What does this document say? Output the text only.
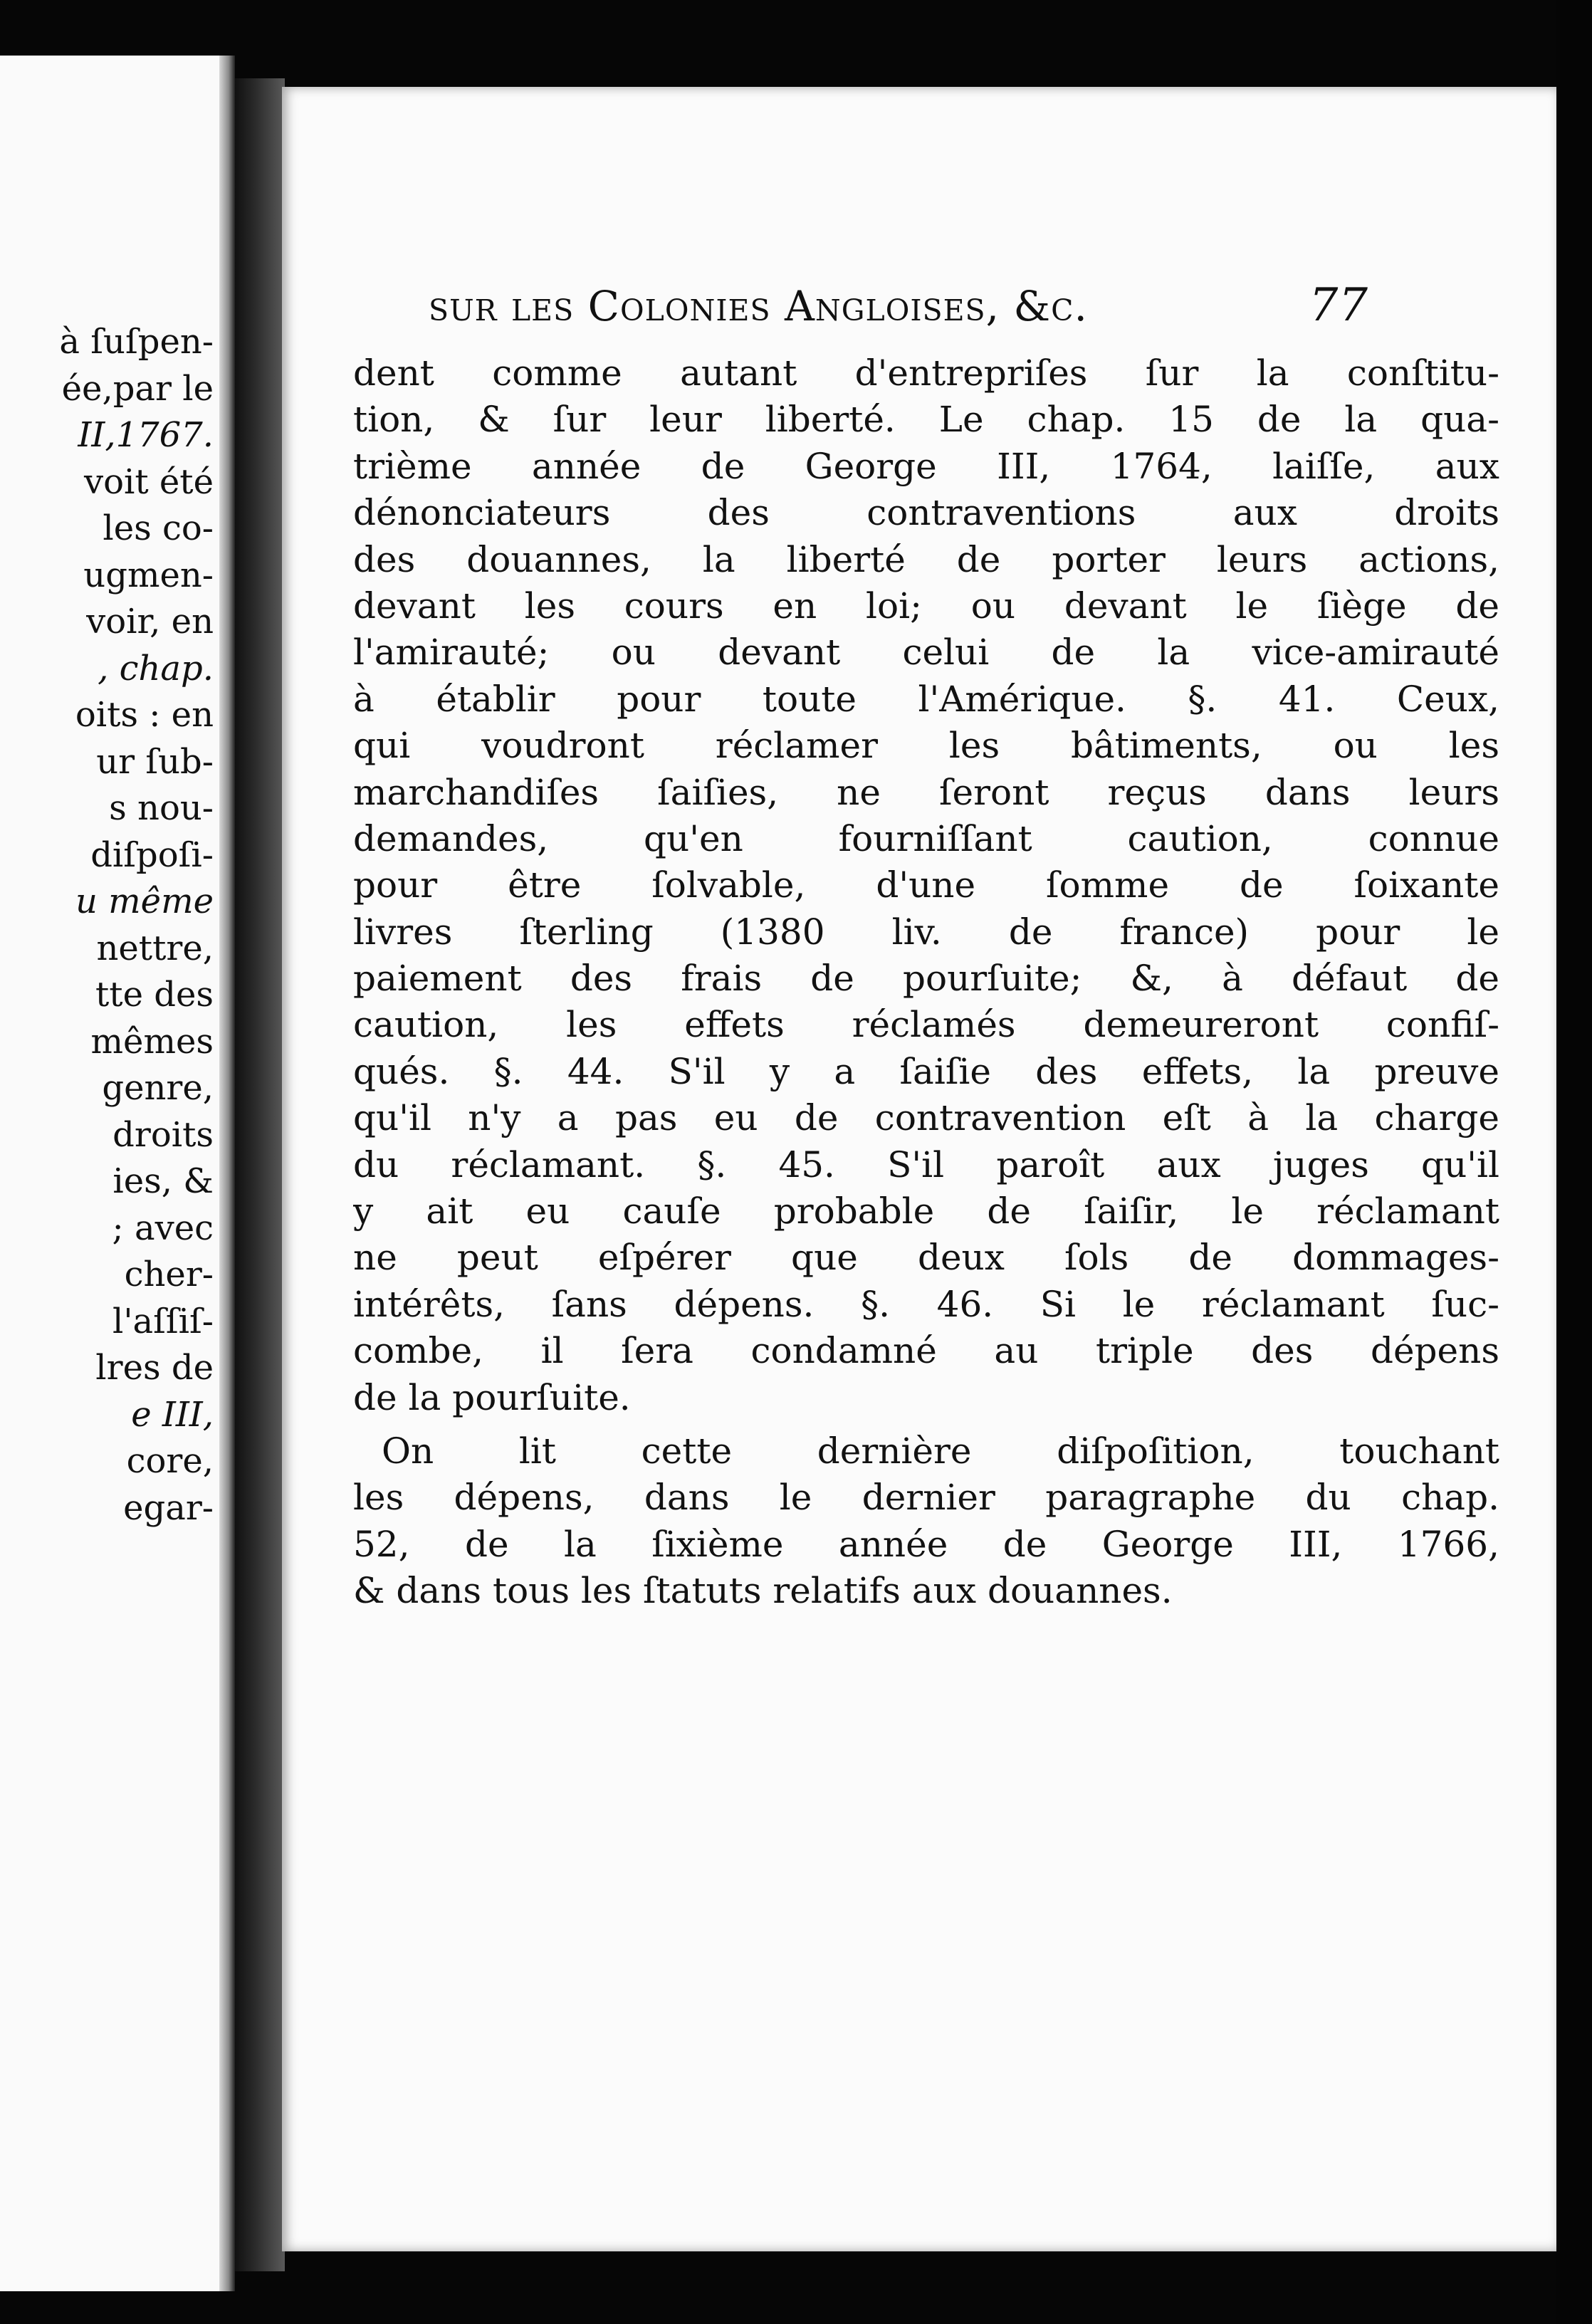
à ſuſpen-
ée,par le
II,1767.
voit été
les co-
ugmen-
voir, en
, chap.
oits : en
ur ſub-
s nou-
diſpoſi-
u même
nettre,
tte des
mêmes
genre,
droits
ies, &
; avec
cher-
l'aſſiſ-
lres de
e III,
core,
egar-
ſur les Colonies Angloiſes, &c.	77
dent comme autant d'entrepriſes ſur la conſtitu-
tion, & ſur leur liberté. Le chap. 15 de la qua-
trième année de George III, 1764, laiſſe, aux
dénonciateurs des contraventions aux droits
des douannes, la liberté de porter leurs actions,
devant les cours en loi; ou devant le ſiège de
l'amirauté; ou devant celui de la vice-amirauté
à établir pour toute l'Amérique. §. 41. Ceux,
qui voudront réclamer les bâtiments, ou les
marchandiſes ſaiſies, ne ſeront reçus dans leurs
demandes, qu'en fourniſſant caution, connue
pour être ſolvable, d'une ſomme de ſoixante
livres ſterling (1380 liv. de france) pour le
paiement des frais de pourſuite; &, à défaut de
caution, les effets réclamés demeureront confiſ-
qués. §. 44. S'il y a ſaiſie des effets, la preuve
qu'il n'y a pas eu de contravention eſt à la charge
du réclamant. §. 45. S'il paroît aux juges qu'il
y ait eu cauſe probable de ſaiſir, le réclamant
ne peut eſpérer que deux ſols de dommages-
intérêts, ſans dépens. §. 46. Si le réclamant ſuc-
combe, il ſera condamné au triple des dépens
de la pourſuite.
On lit cette dernière diſpoſition, touchant
les dépens, dans le dernier paragraphe du chap.
52, de la ſixième année de George III, 1766,
& dans tous les ſtatuts relatifs aux douannes.
